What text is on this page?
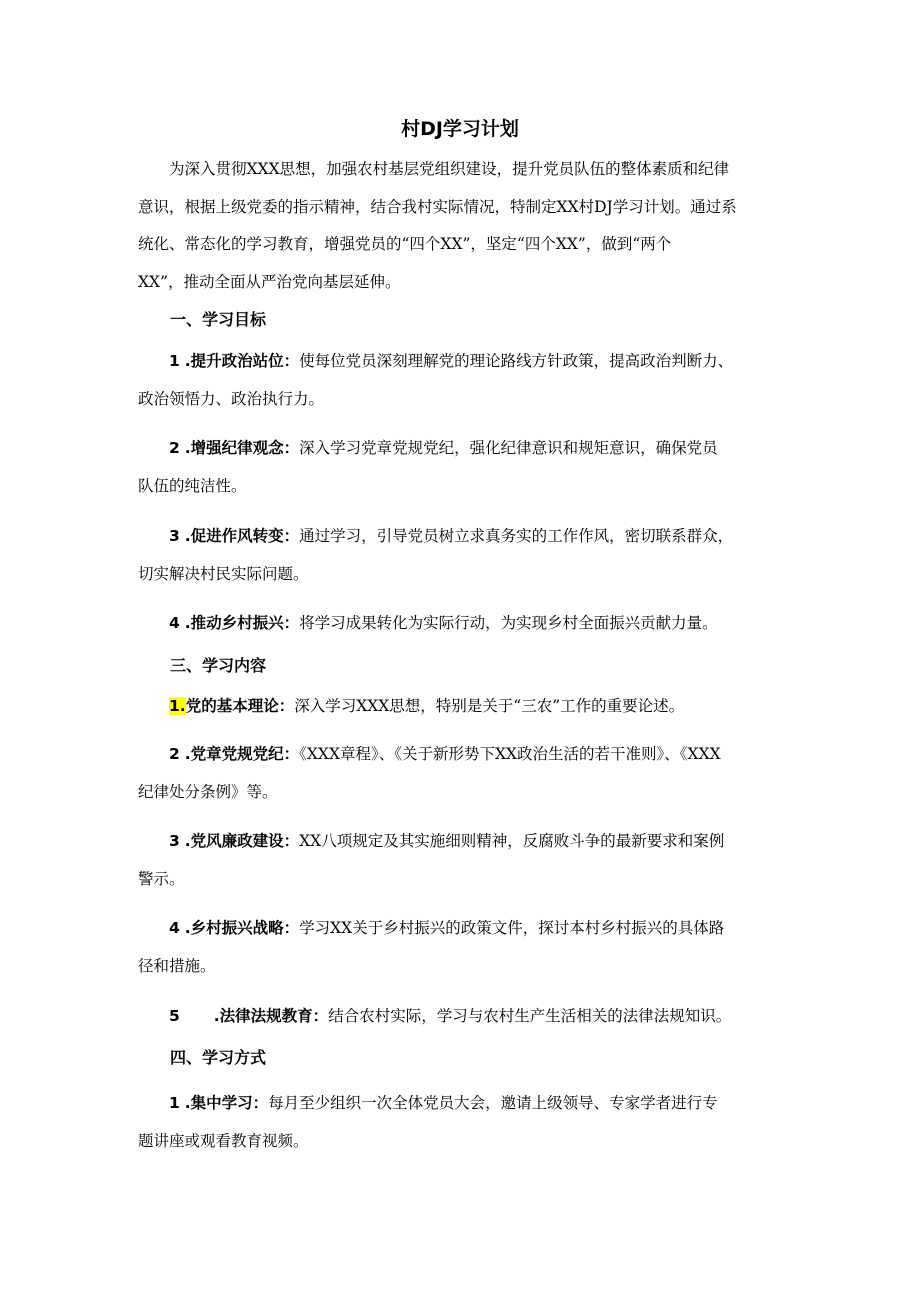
村DJ学习计划

为深入贯彻XXX思想，加强农村基层党组织建设，提升党员队伍的整体素质和纪律
意识，根据上级党委的指示精神，结合我村实际情况，特制定XX村DJ学习计划。通过系
统化、常态化的学习教育，增强党员的“四个XX”，坚定“四个XX”，做到“两个
XX”，推动全面从严治党向基层延伸。

一、学习目标

1 .提升政治站位：使每位党员深刻理解党的理论路线方针政策，提高政治判断力、
政治领悟力、政治执行力。

2 .增强纪律观念：深入学习党章党规党纪，强化纪律意识和规矩意识，确保党员
队伍的纯洁性。

3 .促进作风转变：通过学习，引导党员树立求真务实的工作作风，密切联系群众，
切实解决村民实际问题。

4 .推动乡村振兴：将学习成果转化为实际行动，为实现乡村全面振兴贡献力量。

三、学习内容

1.党的基本理论：深入学习XXX思想，特别是关于“三农”工作的重要论述。

2 .党章党规党纪：《XXX章程》、《关于新形势下XX政治生活的若干准则》、《XXX
纪律处分条例》等。

3 .党风廉政建设：XX八项规定及其实施细则精神，反腐败斗争的最新要求和案例
警示。

4 .乡村振兴战略：学习XX关于乡村振兴的政策文件，探讨本村乡村振兴的具体路
径和措施。

5 .法律法规教育：结合农村实际，学习与农村生产生活相关的法律法规知识。

四、学习方式

1 .集中学习：每月至少组织一次全体党员大会，邀请上级领导、专家学者进行专
题讲座或观看教育视频。
